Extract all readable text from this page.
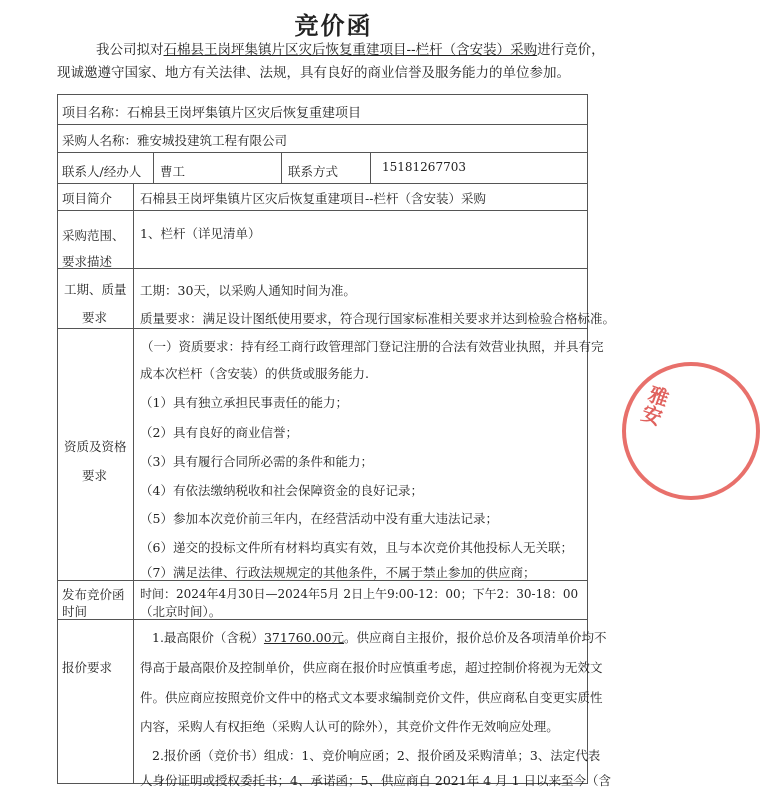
竞价函
我公司拟对石棉县王岗坪集镇片区灾后恢复重建项目--栏杆（含安装）采购进行竞价，
现诚邀遵守国家、地方有关法律、法规，具有良好的商业信誉及服务能力的单位参加。
项目名称：石棉县王岗坪集镇片区灾后恢复重建项目
采购人名称：雅安城投建筑工程有限公司
联系人/经办人 曹工	联系方式	15181267703
项目简介 石棉县王岗坪集镇片区灾后恢复重建项目--栏杆（含安装）采购
采购范围、
要求描述
1、栏杆（详见清单）
工期、质量
要求
工期：30天，以采购人通知时间为准。
质量要求：满足设计图纸使用要求，符合现行国家标准相关要求并达到检验合格标准。
资质及资格
要求
（一）资质要求：持有经工商行政管理部门登记注册的合法有效营业执照，并具有完
成本次栏杆（含安装）的供货或服务能力.
（1）具有独立承担民事责任的能力；
（2）具有良好的商业信誉；
（3）具有履行合同所必需的条件和能力；
（4）有依法缴纳税收和社会保障资金的良好记录；
（5）参加本次竞价前三年内，在经营活动中没有重大违法记录；
（6）递交的投标文件所有材料均真实有效，且与本次竞价其他投标人无关联；
（7）满足法律、行政法规规定的其他条件，不属于禁止参加的供应商；
发布竞价函
时间
时间：2024年4月30日—2024年5月 2日上午9:00-12：00；下午2：30-18：00
（北京时间）。
报价要求
1.最高限价（含税）371760.00元。供应商自主报价，报价总价及各项清单价均不
得高于最高限价及控制单价，供应商在报价时应慎重考虑，超过控制价将视为无效文
件。供应商应按照竞价文件中的格式文本要求编制竞价文件，供应商私自变更实质性
内容，采购人有权拒绝（采购人认可的除外），其竞价文件作无效响应处理。
2.报价函（竞价书）组成：1、竞价响应函；2、报价函及采购清单；3、法定代表
人身份证明或授权委托书；4、承诺函；5、供应商自 2021年 4 月 1 日以来至今（含
雅安
